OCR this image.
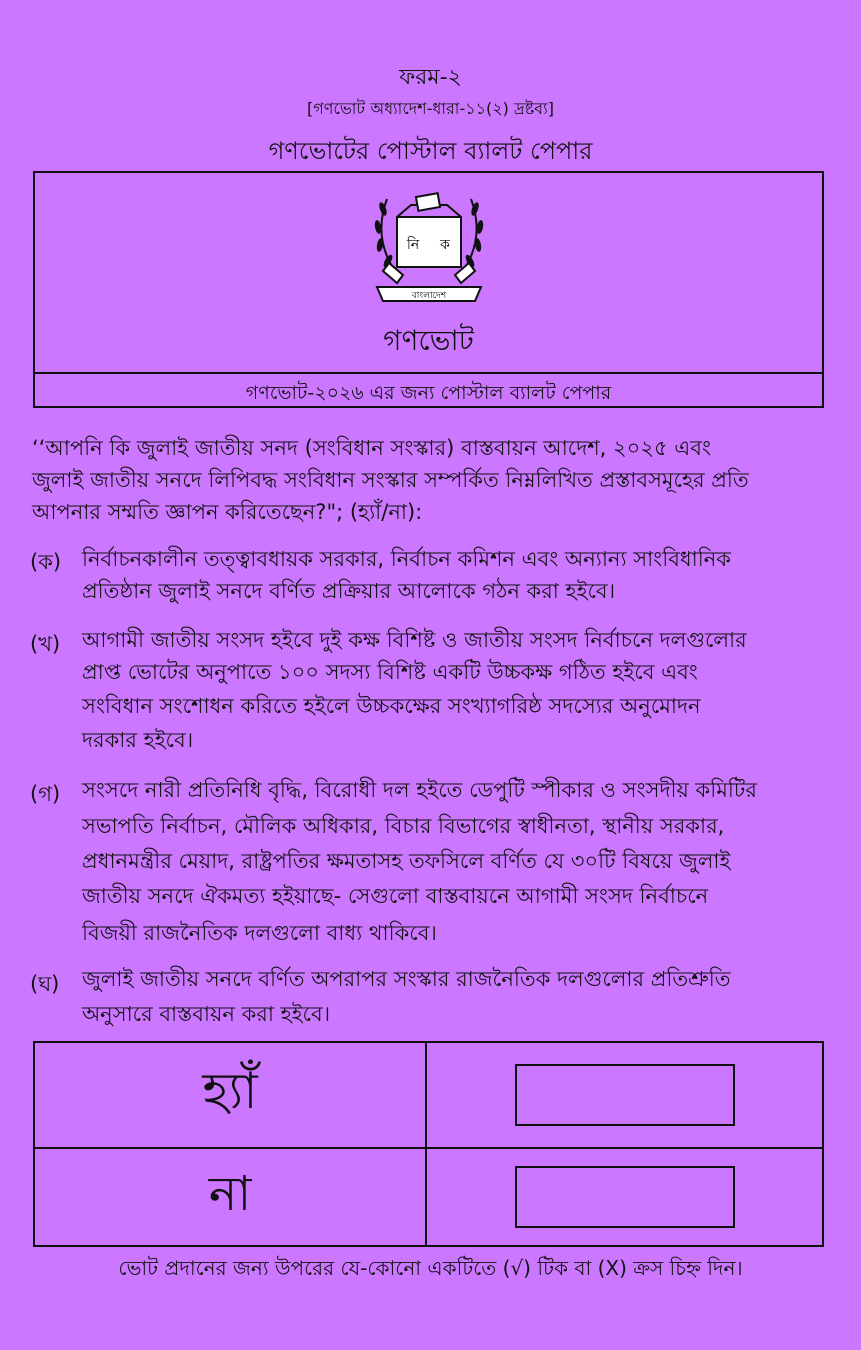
ফরম-২
[গণভোট অধ্যাদেশ-ধারা-১১(২) দ্রষ্টব্য]
গণভোটের পোস্টাল ব্যালট পেপার
নি ক
বাংলাদেশ
গণভোট
গণভোট-২০২৬ এর জন্য পোস্টাল ব্যালট পেপার
‘‘আপনি কি জুলাই জাতীয় সনদ (সংবিধান সংস্কার) বাস্তবায়ন আদেশ, ২০২৫ এবং
জুলাই জাতীয় সনদে লিপিবদ্ধ সংবিধান সংস্কার সম্পর্কিত নিম্নলিখিত প্রস্তাবসমূহের প্রতি
আপনার সম্মতি জ্ঞাপন করিতেছেন?"; (হ্যাঁ/না):
(ক) নির্বাচনকালীন তত্ত্বাবধায়ক সরকার, নির্বাচন কমিশন এবং অন্যান্য সাংবিধানিক
প্রতিষ্ঠান জুলাই সনদে বর্ণিত প্রক্রিয়ার আলোকে গঠন করা হইবে।
(খ) আগামী জাতীয় সংসদ হইবে দুই কক্ষ বিশিষ্ট ও জাতীয় সংসদ নির্বাচনে দলগুলোর
প্রাপ্ত ভোটের অনুপাতে ১০০ সদস্য বিশিষ্ট একটি উচ্চকক্ষ গঠিত হইবে এবং
সংবিধান সংশোধন করিতে হইলে উচ্চকক্ষের সংখ্যাগরিষ্ঠ সদস্যের অনুমোদন
দরকার হইবে।
(গ) সংসদে নারী প্রতিনিধি বৃদ্ধি, বিরোধী দল হইতে ডেপুটি স্পীকার ও সংসদীয় কমিটির
সভাপতি নির্বাচন, মৌলিক অধিকার, বিচার বিভাগের স্বাধীনতা, স্থানীয় সরকার,
প্রধানমন্ত্রীর মেয়াদ, রাষ্ট্রপতির ক্ষমতাসহ তফসিলে বর্ণিত যে ৩০টি বিষয়ে জুলাই
জাতীয় সনদে ঐকমত্য হইয়াছে- সেগুলো বাস্তবায়নে আগামী সংসদ নির্বাচনে
বিজয়ী রাজনৈতিক দলগুলো বাধ্য থাকিবে।
(ঘ) জুলাই জাতীয় সনদে বর্ণিত অপরাপর সংস্কার রাজনৈতিক দলগুলোর প্রতিশ্রুতি
অনুসারে বাস্তবায়ন করা হইবে।
হ্যাঁ
না
ভোট প্রদানের জন্য উপরের যে-কোনো একটিতে (√) টিক বা (X) ক্রস চিহ্ন দিন।
